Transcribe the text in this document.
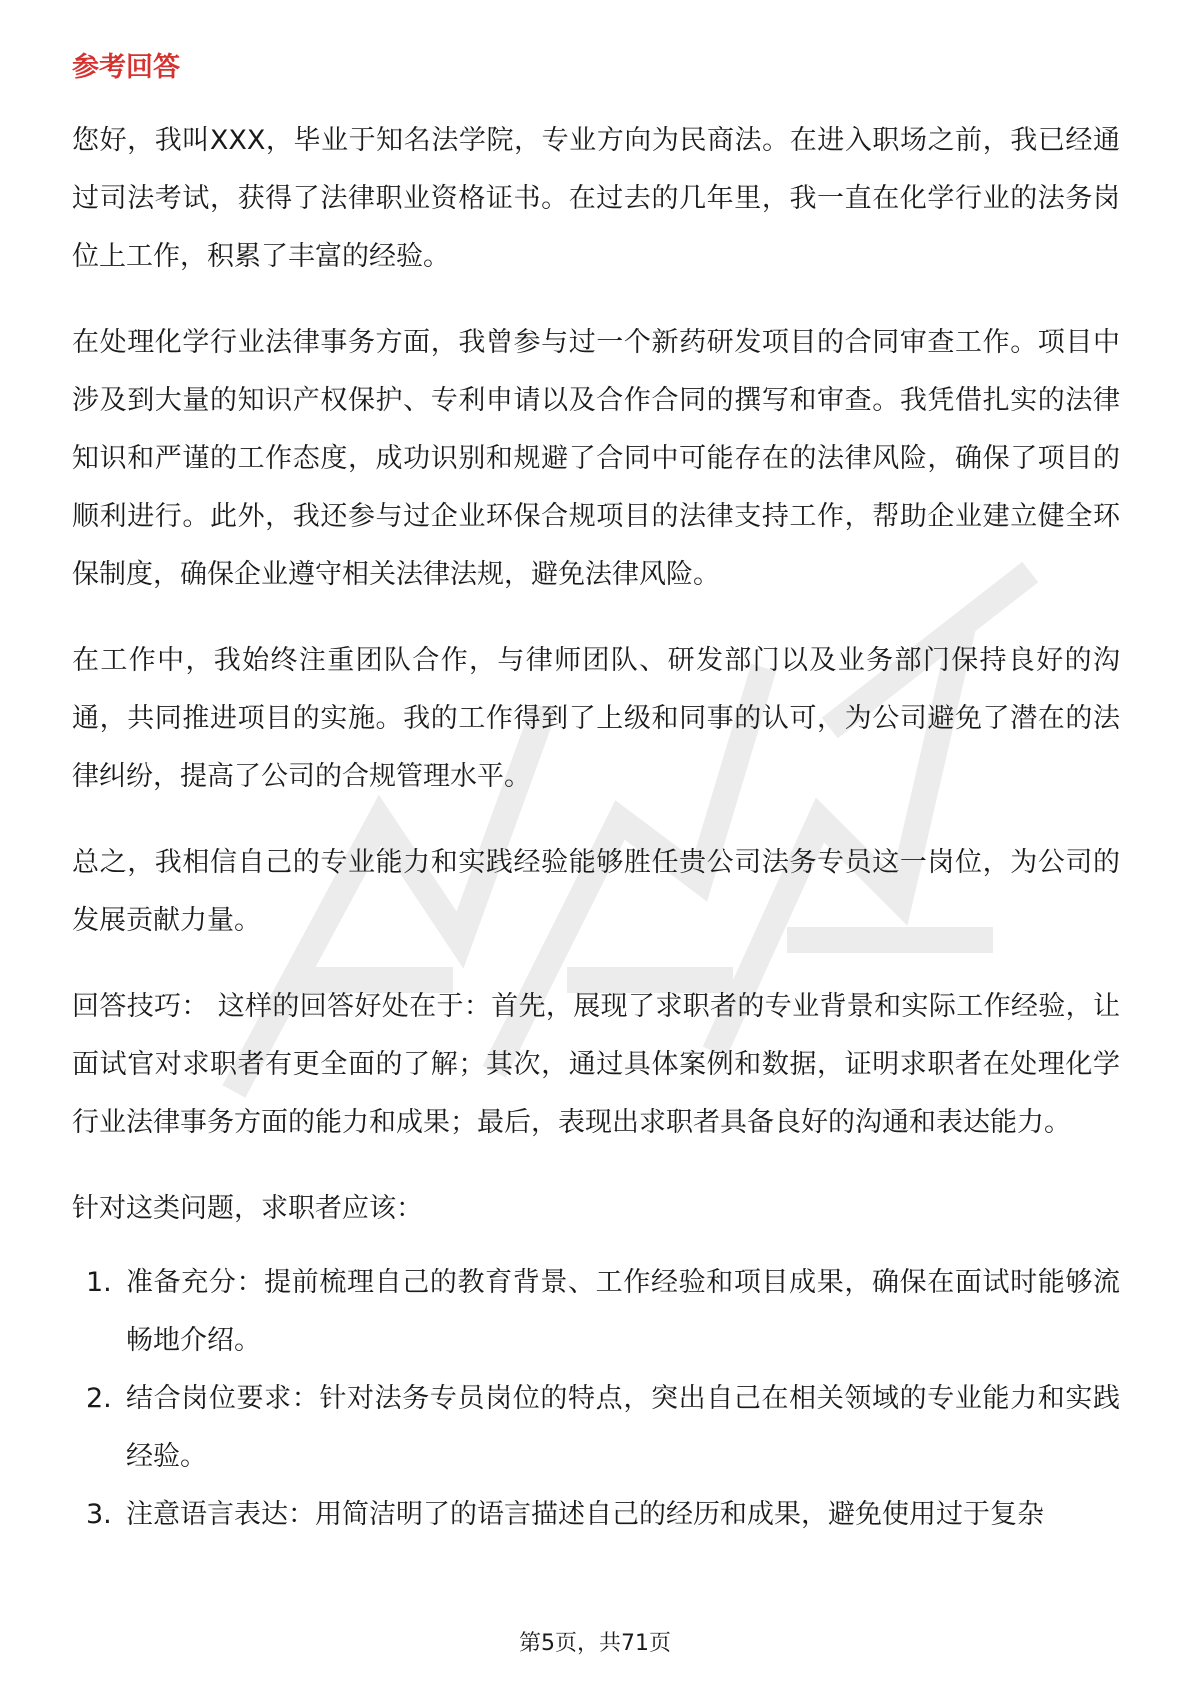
参考回答

您好，我叫XXX，毕业于知名法学院，专业方向为民商法。在进入职场之前，我已经通过司法考试，获得了法律职业资格证书。在过去的几年里，我一直在化学行业的法务岗位上工作，积累了丰富的经验。

在处理化学行业法律事务方面，我曾参与过一个新药研发项目的合同审查工作。项目中涉及到大量的知识产权保护、专利申请以及合作合同的撰写和审查。我凭借扎实的法律知识和严谨的工作态度，成功识别和规避了合同中可能存在的法律风险，确保了项目的顺利进行。此外，我还参与过企业环保合规项目的法律支持工作，帮助企业建立健全环保制度，确保企业遵守相关法律法规，避免法律风险。

在工作中，我始终注重团队合作，与律师团队、研发部门以及业务部门保持良好的沟通，共同推进项目的实施。我的工作得到了上级和同事的认可，为公司避免了潜在的法律纠纷，提高了公司的合规管理水平。

总之，我相信自己的专业能力和实践经验能够胜任贵公司法务专员这一岗位，为公司的发展贡献力量。

回答技巧： 这样的回答好处在于：首先，展现了求职者的专业背景和实际工作经验，让面试官对求职者有更全面的了解；其次，通过具体案例和数据，证明求职者在处理化学行业法律事务方面的能力和成果；最后，表现出求职者具备良好的沟通和表达能力。

针对这类问题，求职者应该：

1. 准备充分：提前梳理自己的教育背景、工作经验和项目成果，确保在面试时能够流畅地介绍。
2. 结合岗位要求：针对法务专员岗位的特点，突出自己在相关领域的专业能力和实践经验。
3. 注意语言表达：用简洁明了的语言描述自己的经历和成果，避免使用过于复杂
第5页，共71页
